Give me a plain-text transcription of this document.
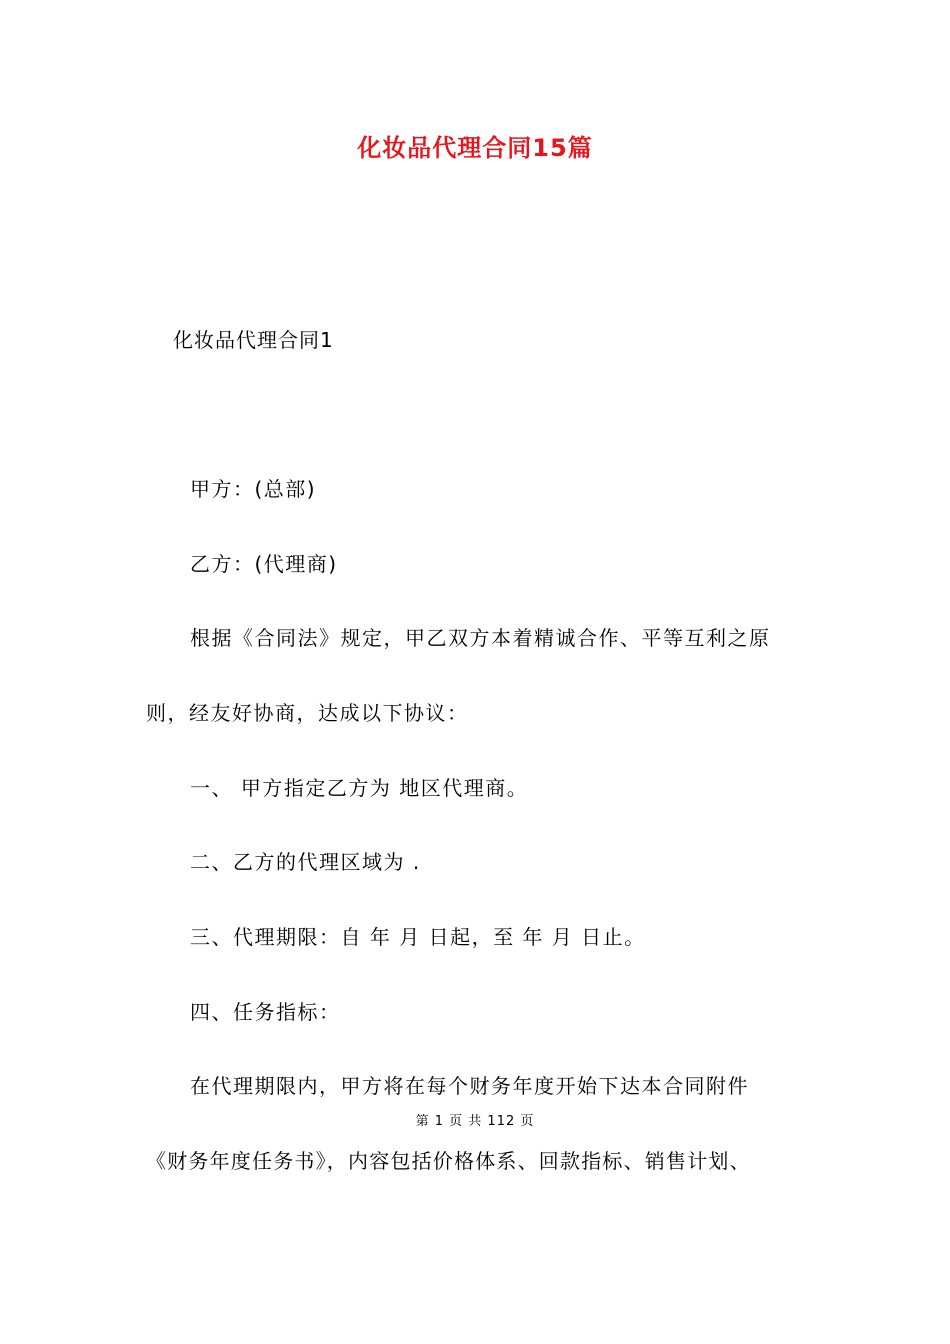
化妆品代理合同15篇
化妆品代理合同1
甲方：(总部)
乙方：(代理商)
根据《合同法》规定，甲乙双方本着精诚合作、平等互利之原
则，经友好协商，达成以下协议：
一、 甲方指定乙方为 地区代理商。
二、乙方的代理区域为 .
三、代理期限：自 年 月 日起，至 年 月 日止。
四、任务指标：
在代理期限内，甲方将在每个财务年度开始下达本合同附件
第 1 页 共 112 页
《财务年度任务书》，内容包括价格体系、回款指标、销售计划、
